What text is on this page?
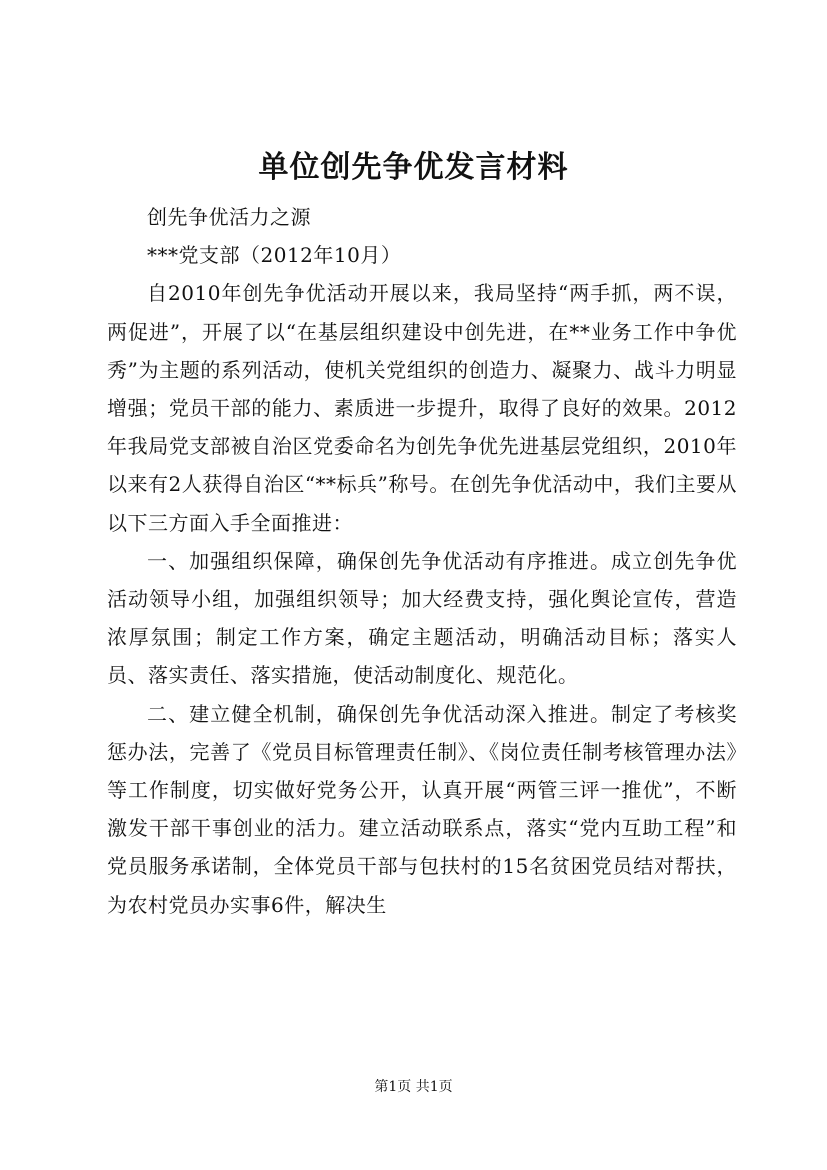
单位创先争优发言材料

创先争优活力之源

***党支部（2012年10月）

自2010年创先争优活动开展以来，我局坚持“两手抓，两不误，两促进”，开展了以“在基层组织建设中创先进，在**业务工作中争优秀”为主题的系列活动，使机关党组织的创造力、凝聚力、战斗力明显增强；党员干部的能力、素质进一步提升，取得了良好的效果。2012年我局党支部被自治区党委命名为创先争优先进基层党组织，2010年以来有2人获得自治区“**标兵”称号。在创先争优活动中，我们主要从以下三方面入手全面推进：

一、加强组织保障，确保创先争优活动有序推进。成立创先争优活动领导小组，加强组织领导；加大经费支持，强化舆论宣传，营造浓厚氛围；制定工作方案，确定主题活动，明确活动目标；落实人员、落实责任、落实措施，使活动制度化、规范化。

二、建立健全机制，确保创先争优活动深入推进。制定了考核奖惩办法，完善了《党员目标管理责任制》、《岗位责任制考核管理办法》等工作制度，切实做好党务公开，认真开展“两管三评一推优”，不断激发干部干事创业的活力。建立活动联系点，落实“党内互助工程”和党员服务承诺制，全体党员干部与包扶村的15名贫困党员结对帮扶，为农村党员办实事6件，解决生

第1页 共1页
